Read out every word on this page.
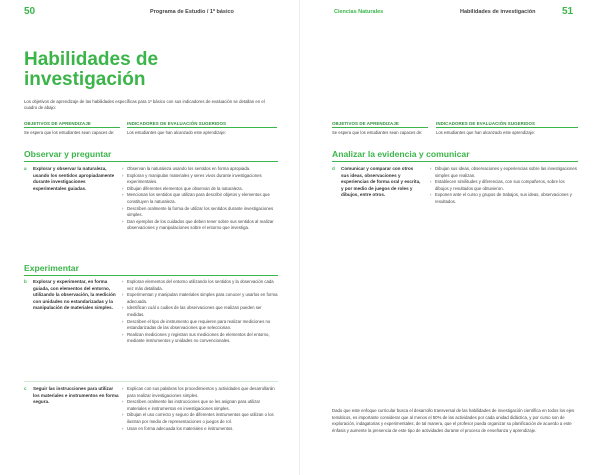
50	Programa de Estudio / 1º básico
Habilidades de investigación
Los objetivos de aprendizaje de las habilidades específicas para 1º básico con sus indicadores de evaluación se detallan en el cuadro de abajo:
OBJETIVOS DE APRENDIZAJE	INDICADORES DE EVALUACIÓN SUGERIDOS
Se espera que los estudiantes sean capaces de:	Los estudiantes que han alcanzado este aprendizaje:
Observar y preguntar
a Explorar y observar la naturaleza, usando los sentidos apropiadamente durante investigaciones experimentales guiadas.
› Observan la naturaleza usando los sentidos en forma apropiada.
› Exploran y manipulan materiales y seres vivos durante investigaciones experimentales.
› Dibujan diferentes elementos que observan de la naturaleza.
› Mencionan los sentidos que utilizan para describir objetos y elementos que constituyen la naturaleza.
› Describen oralmente la forma de utilizar los sentidos durante investigaciones simples.
› Dan ejemplos de los cuidados que deben tener sobre sus sentidos al realizar observaciones y manipulaciones sobre el entorno que investiga.
Experimentar
b Explorar y experimentar, en forma guiada, con elementos del entorno, utilizando la observación, la medición con unidades no estandarizadas y la manipulación de materiales simples.
› Exploran elementos del entorno utilizando los sentidos y la observación cada vez más detallada.
› Experimentan y manipulan materiales simples para conocer y usarlos en forma adecuada.
› Identifican cuál o cuáles de las observaciones que realizan pueden ser medidas.
› Describen el tipo de instrumento que requieren para realizar mediciones no estandarizadas de las observaciones que seleccionan.
› Realizan mediciones y registran sus mediciones de elementos del entorno, mediante instrumentos y unidades no convencionales.
c Seguir las instrucciones para utilizar los materiales e instrumentos en forma segura.
› Explican con sus palabras los procedimientos y actividades que desarrollarán para realizar investigaciones simples.
› Describen oralmente las instrucciones que se les asignan para utilizar materiales e instrumentos en investigaciones simples.
› Dibujan el uso correcto y seguro de diferentes instrumentos que utilizan o los ilustran por medio de representaciones o juegos de rol.
› Usan en forma adecuada los materiales e instrumentos.
Ciencias Naturales	Habilidades de investigación	51
OBJETIVOS DE APRENDIZAJE	INDICADORES DE EVALUACIÓN SUGERIDOS
Se espera que los estudiantes sean capaces de:	Los estudiantes que han alcanzado este aprendizaje:
Analizar la evidencia y comunicar
d Comunicar y comparar con otros sus ideas, observaciones y experiencias de forma oral y escrita, y por medio de juegos de roles y dibujos, entre otros.
› Dibujan sus ideas, observaciones y experiencias sobre las investigaciones simples que realizan.
› Establecen similitudes y diferencias, con sus compañeros, sobre los dibujos y resultados que obtuvieron.
› Exponen ante el curso y grupos de trabajos, sus ideas, observaciones y resultados.
Dado que este enfoque curricular busca el desarrollo transversal de las habilidades de investigación científica en todos los ejes temáticos, es importante considerar que al menos el 50% de las actividades por cada unidad didáctica, y por curso son de exploración, indagatorias y experimentales; de tal manera, que el profesor pueda organizar su planificación de acuerdo a este énfasis y aumente la presencia de este tipo de actividades durante el proceso de enseñanza y aprendizaje.
